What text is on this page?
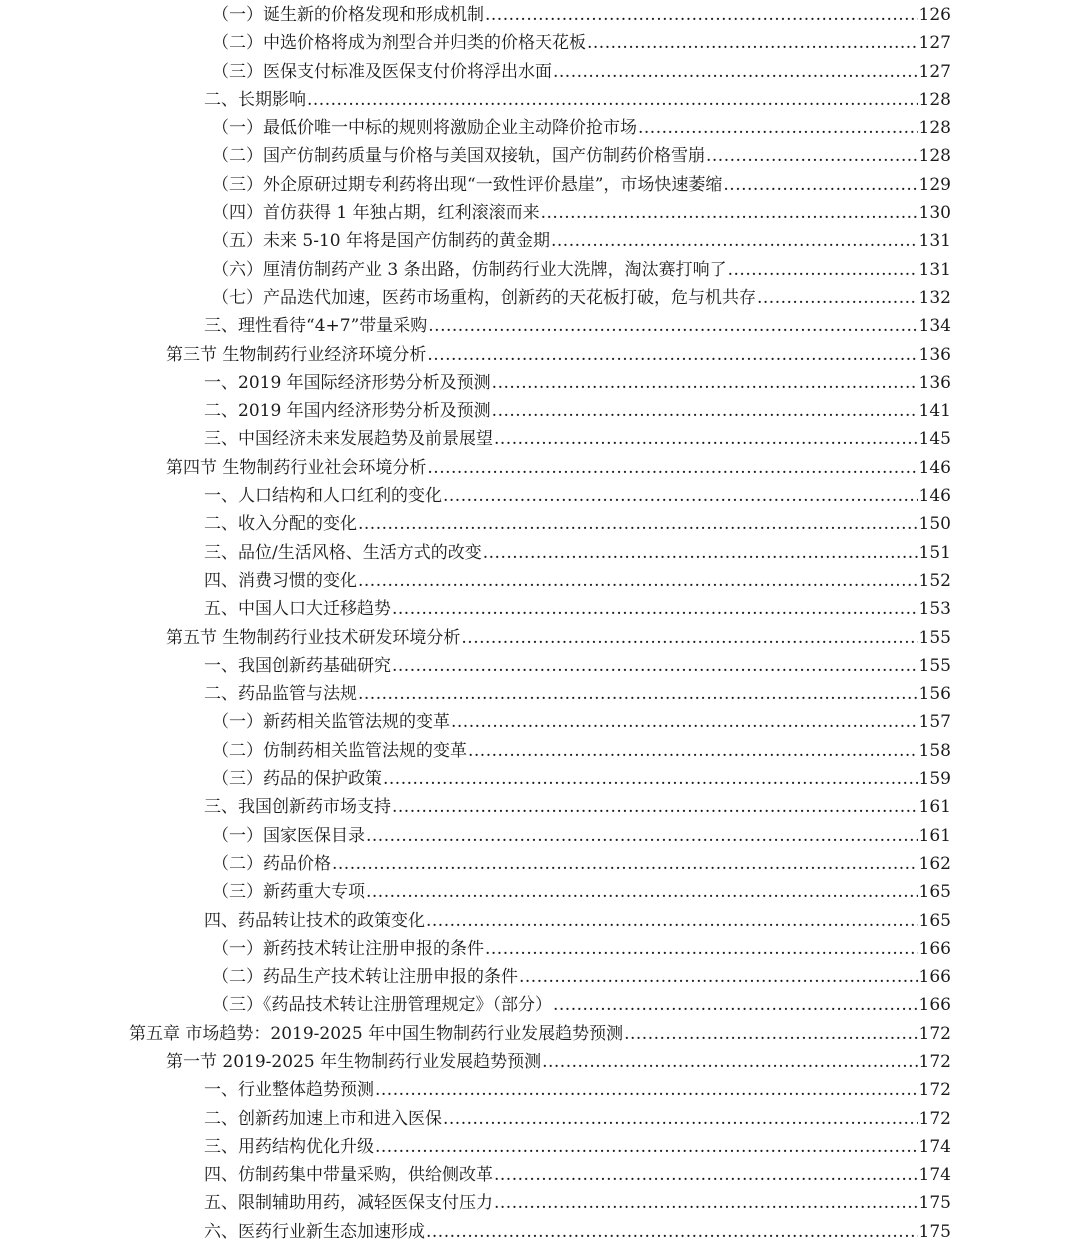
（一）诞生新的价格发现和形成机制 .....	126
（二）中选价格将成为剂型合并归类的价格天花板 .....	127
（三）医保支付标准及医保支付价将浮出水面 .....	127
二、长期影响 .....	128
（一）最低价唯一中标的规则将激励企业主动降价抢市场 .....	128
（二）国产仿制药质量与价格与美国双接轨，国产仿制药价格雪崩 .....	128
（三）外企原研过期专利药将出现“一致性评价悬崖”，市场快速萎缩 .....	129
（四）首仿获得 1 年独占期，红利滚滚而来 .....	130
（五）未来 5-10 年将是国产仿制药的黄金期 .....	131
（六）厘清仿制药产业 3 条出路，仿制药行业大洗牌，淘汰赛打响了 .....	131
（七）产品迭代加速，医药市场重构，创新药的天花板打破，危与机共存 .....	132
三、理性看待“4+7”带量采购 .....	134
第三节 生物制药行业经济环境分析 .....	136
一、2019 年国际经济形势分析及预测 .....	136
二、2019 年国内经济形势分析及预测 .....	141
三、中国经济未来发展趋势及前景展望 .....	145
第四节 生物制药行业社会环境分析 .....	146
一、人口结构和人口红利的变化 .....	146
二、收入分配的变化 .....	150
三、品位/生活风格、生活方式的改变 .....	151
四、消费习惯的变化 .....	152
五、中国人口大迁移趋势 .....	153
第五节 生物制药行业技术研发环境分析 .....	155
一、我国创新药基础研究 .....	155
二、药品监管与法规 .....	156
（一）新药相关监管法规的变革 .....	157
（二）仿制药相关监管法规的变革 .....	158
（三）药品的保护政策 .....	159
三、我国创新药市场支持 .....	161
（一）国家医保目录 .....	161
（二）药品价格 .....	162
（三）新药重大专项 .....	165
四、药品转让技术的政策变化 .....	165
（一）新药技术转让注册申报的条件 .....	166
（二）药品生产技术转让注册申报的条件 .....	166
（三）《药品技术转让注册管理规定》（部分） .....	166
第五章 市场趋势：2019-2025 年中国生物制药行业发展趋势预测 .....	172
第一节 2019-2025 年生物制药行业发展趋势预测 .....	172
一、行业整体趋势预测 .....	172
二、创新药加速上市和进入医保 .....	172
三、用药结构优化升级 .....	174
四、仿制药集中带量采购，供给侧改革 .....	174
五、限制辅助用药，减轻医保支付压力 .....	175
六、医药行业新生态加速形成 .....	175
